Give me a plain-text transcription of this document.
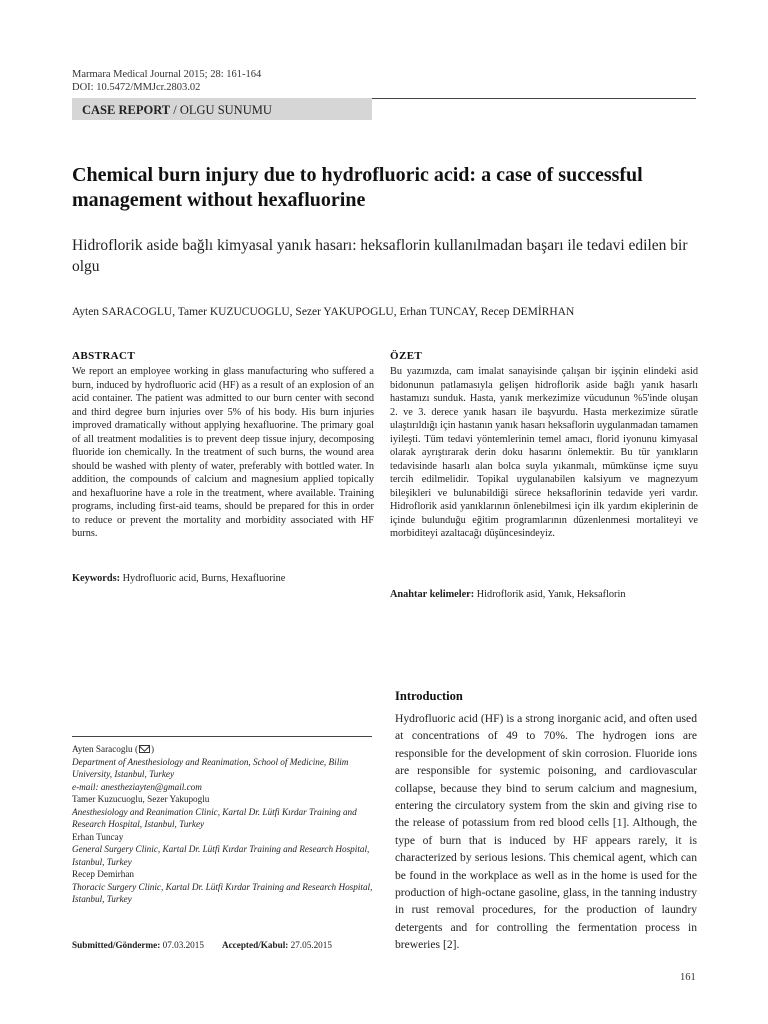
Marmara Medical Journal 2015; 28: 161-164
DOI: 10.5472/MMJcr.2803.02
CASE REPORT / OLGU SUNUMU
Chemical burn injury due to hydrofluoric acid: a case of successful management without hexafluorine
Hidroflorik aside bağlı kimyasal yanık hasarı: heksaflorin kullanılmadan başarı ile tedavi edilen bir olgu
Ayten SARACOGLU, Tamer KUZUCUOGLU, Sezer YAKUPOGLU, Erhan TUNCAY, Recep DEMİRHAN
ABSTRACT
We report an employee working in glass manufacturing who suffered a burn, induced by hydrofluoric acid (HF) as a result of an explosion of an acid container. The patient was admitted to our burn center with second and third degree burn injuries over 5% of his body. His burn injuries improved dramatically without applying hexafluorine. The primary goal of all treatment modalities is to prevent deep tissue injury, decomposing fluoride ion chemically. In the treatment of such burns, the wound area should be washed with plenty of water, preferably with bottled water. In addition, the compounds of calcium and magnesium applied topically and hexafluorine have a role in the treatment, where available. Training programs, including first-aid teams, should be prepared for this in order to reduce or prevent the mortality and morbidity associated with HF burns.
Keywords: Hydrofluoric acid, Burns, Hexafluorine
ÖZET
Bu yazımızda, cam imalat sanayisinde çalışan bir işçinin elindeki asid bidonunun patlamasıyla gelişen hidroflorik aside bağlı yanık hasarlı hastamızı sunduk. Hasta, yanık merkezimize vücudunun %5'inde oluşan 2. ve 3. derece yanık hasarı ile başvurdu. Hasta merkezimize süratle ulaştırıldığı için hastanın yanık hasarı heksaflorin uygulanmadan tamamen iyileşti. Tüm tedavi yöntemlerinin temel amacı, florid iyonunu kimyasal olarak ayrıştırarak derin doku hasarını önlemektir. Bu tür yanıkların tedavisinde hasarlı alan bolca suyla yıkanmalı, mümkünse içme suyu tercih edilmelidir. Topikal uygulanabilen kalsiyum ve magnezyum bileşikleri ve bulunabildiği sürece heksaflorinin tedavide yeri vardır. Hidroflorik asid yanıklarının önlenebilmesi için ilk yardım ekiplerinin de içinde bulunduğu eğitim programlarının düzenlenmesi mortaliteyi ve morbiditeyi azaltacağı düşüncesindeyiz.
Anahtar kelimeler: Hidroflorik asid, Yanık, Heksaflorin
Introduction
Hydrofluoric acid (HF) is a strong inorganic acid, and often used at concentrations of 49 to 70%. The hydrogen ions are responsible for the development of skin corrosion. Fluoride ions are responsible for systemic poisoning, and cardiovascular collapse, because they bind to serum calcium and magnesium, entering the circulatory system from the skin and giving rise to the release of potassium from red blood cells [1]. Although, the type of burn that is induced by HF appears rarely, it is characterized by serious lesions. This chemical agent, which can be found in the workplace as well as in the home is used for the production of high-octane gasoline, glass, in the tanning industry in rust removal procedures, for the production of laundry detergents and for controlling the fermentation process in breweries [2].
Ayten Saracoglu ( )
Department of Anesthesiology and Reanimation, School of Medicine, Bilim University, Istanbul, Turkey
e-mail: anestheziayten@gmail.com
Tamer Kuzucuoglu, Sezer Yakupoglu
Anesthesiology and Reanimation Clinic, Kartal Dr. Lütfi Kırdar Training and Research Hospital, Istanbul, Turkey
Erhan Tuncay
General Surgery Clinic, Kartal Dr. Lütfi Kırdar Training and Research Hospital, Istanbul, Turkey
Recep Demirhan
Thoracic Surgery Clinic, Kartal Dr. Lütfi Kırdar Training and Research Hospital, Istanbul, Turkey
Submitted/Gönderme: 07.03.2015 Accepted/Kabul: 27.05.2015
161
